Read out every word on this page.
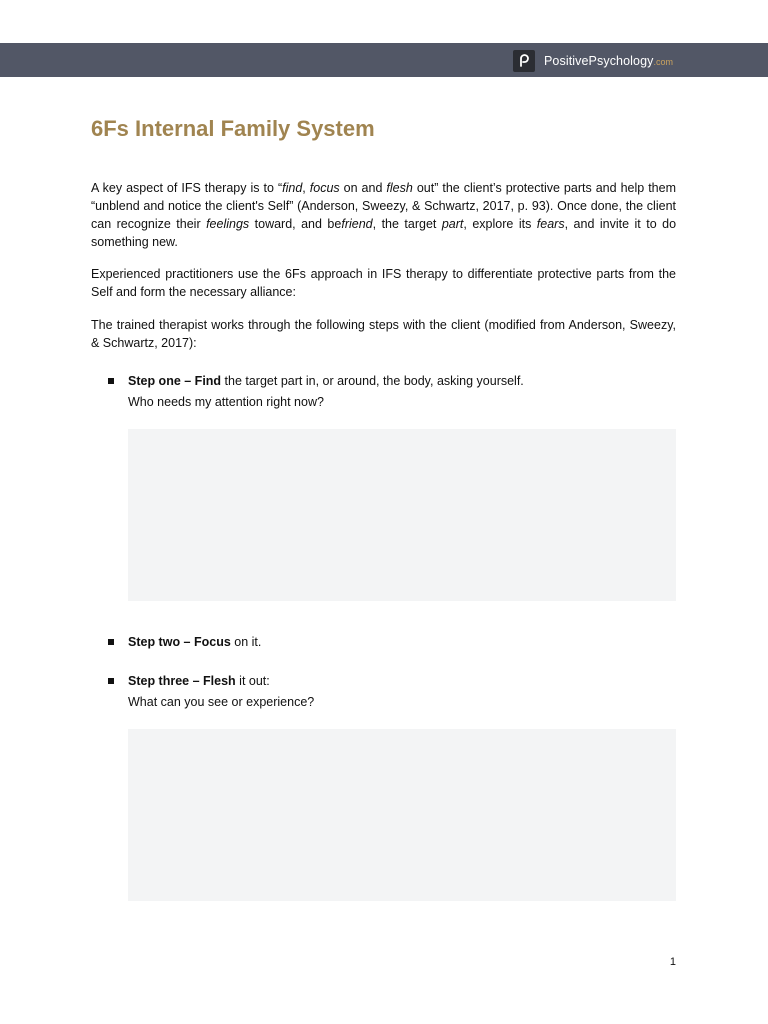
PositivePsychology.com
6Fs Internal Family System

A key aspect of IFS therapy is to “find, focus on and flesh out” the client’s protective parts and help them “unblend and notice the client's Self” (Anderson, Sweezy, & Schwartz, 2017, p. 93). Once done, the client can recognize their feelings toward, and befriend, the target part, explore its fears, and invite it to do something new.

Experienced practitioners use the 6Fs approach in IFS therapy to differentiate protective parts from the Self and form the necessary alliance:

The trained therapist works through the following steps with the client (modified from Anderson, Sweezy, & Schwartz, 2017):

Step one – Find the target part in, or around, the body, asking yourself.
Who needs my attention right now?
Step two – Focus on it.
Step three – Flesh it out:
What can you see or experience?
1
